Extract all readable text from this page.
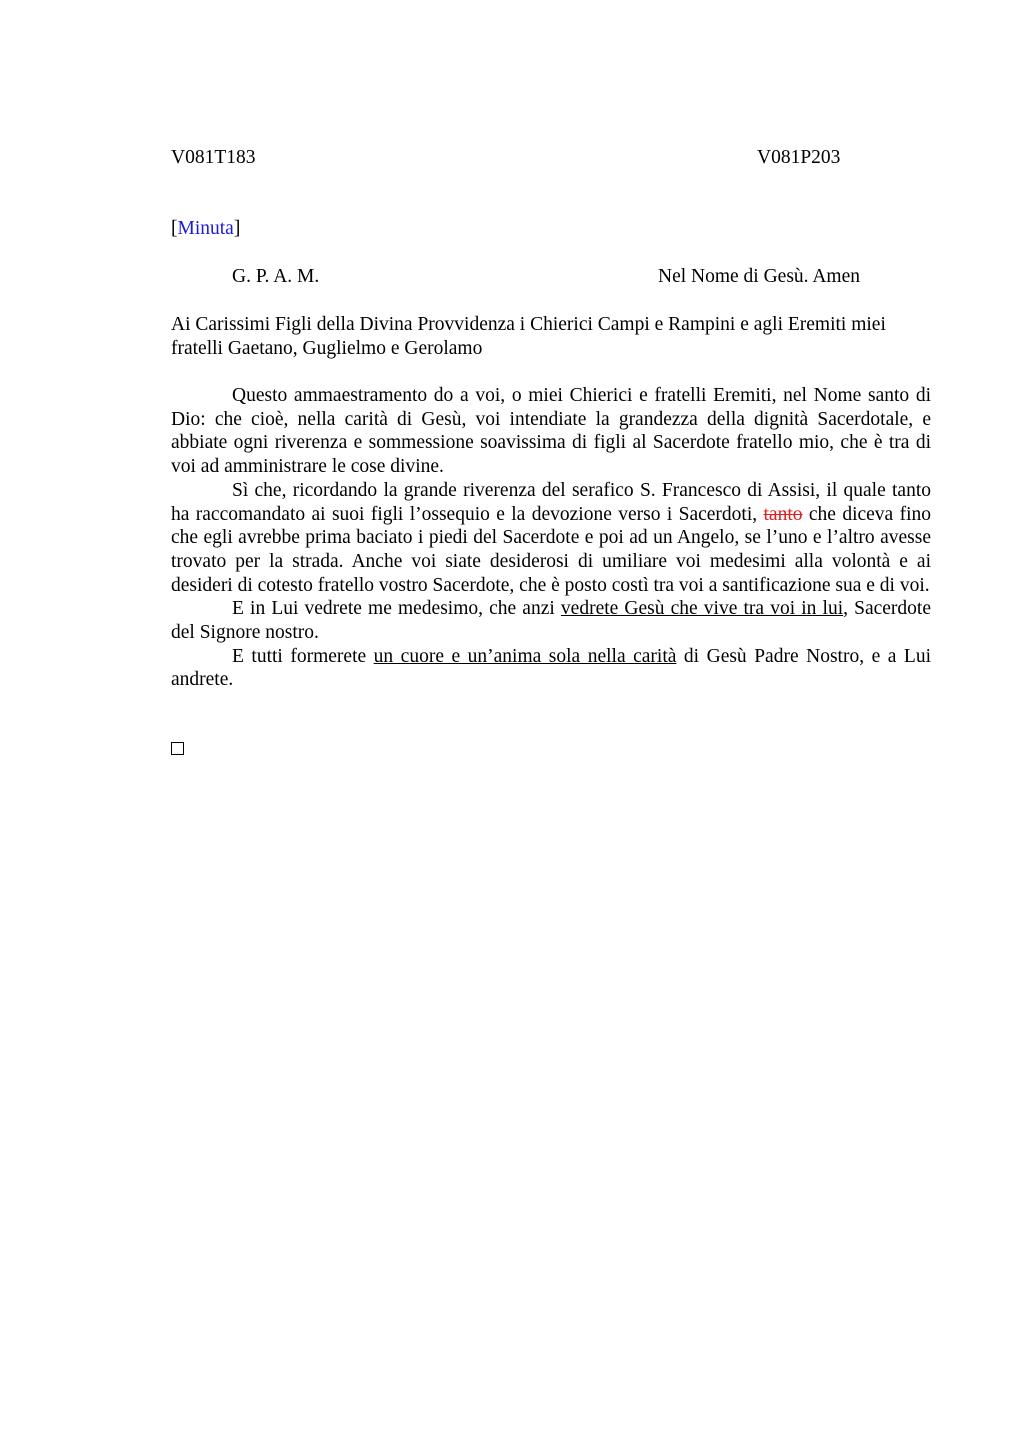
V081T183	V081P203
[Minuta]
G. P. A. M.	Nel Nome di Gesù. Amen
Ai Carissimi Figli della Divina Provvidenza i Chierici Campi e Rampini e agli Eremiti miei fratelli Gaetano, Guglielmo e Gerolamo

Questo ammaestramento do a voi, o miei Chierici e fratelli Eremiti, nel Nome santo di Dio: che cioè, nella carità di Gesù, voi intendiate la grandezza della dignità Sacerdotale, e abbiate ogni riverenza e sommessione soavissima di figli al Sacerdote fratello mio, che è tra di voi ad amministrare le cose divine.

Sì che, ricordando la grande riverenza del serafico S. Francesco di Assisi, il quale tanto ha raccomandato ai suoi figli l’ossequio e la devozione verso i Sacerdoti, tanto che diceva fino che egli avrebbe prima baciato i piedi del Sacerdote e poi ad un Angelo, se l’uno e l’altro avesse trovato per la strada. Anche voi siate desiderosi di umiliare voi medesimi alla volontà e ai desideri di cotesto fratello vostro Sacerdote, che è posto costì tra voi a santificazione sua e di voi.

E in Lui vedrete me medesimo, che anzi vedrete Gesù che vive tra voi in lui, Sacerdote del Signore nostro.

E tutti formerete un cuore e un’anima sola nella carità di Gesù Padre Nostro, e a Lui andrete.
